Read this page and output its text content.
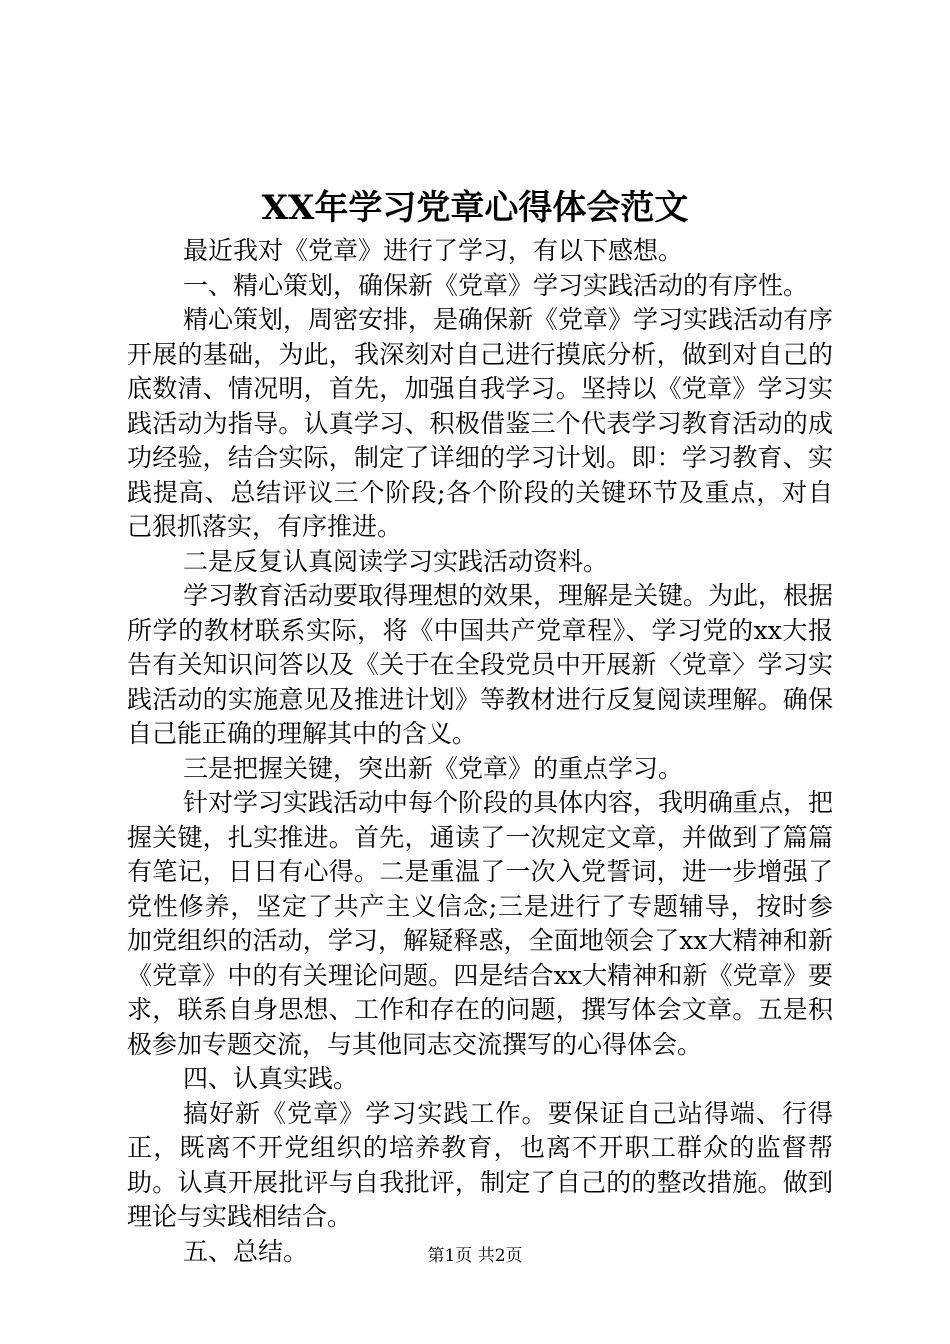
XX年学习党章心得体会范文

最近我对《党章》进行了学习，有以下感想。

一、精心策划，确保新《党章》学习实践活动的有序性。

精心策划，周密安排，是确保新《党章》学习实践活动有序开展的基础，为此，我深刻对自己进行摸底分析，做到对自己的底数清、情况明，首先，加强自我学习。坚持以《党章》学习实践活动为指导。认真学习、积极借鉴三个代表学习教育活动的成功经验，结合实际，制定了详细的学习计划。即：学习教育、实践提高、总结评议三个阶段;各个阶段的关键环节及重点，对自己狠抓落实，有序推进。

二是反复认真阅读学习实践活动资料。

学习教育活动要取得理想的效果，理解是关键。为此，根据所学的教材联系实际，将《中国共产党章程》、学习党的xx大报告有关知识问答以及《关于在全段党员中开展新〈党章〉学习实践活动的实施意见及推进计划》等教材进行反复阅读理解。确保自己能正确的理解其中的含义。

三是把握关键，突出新《党章》的重点学习。

针对学习实践活动中每个阶段的具体内容，我明确重点，把握关键，扎实推进。首先，通读了一次规定文章，并做到了篇篇有笔记，日日有心得。二是重温了一次入党誓词，进一步增强了党性修养，坚定了共产主义信念;三是进行了专题辅导，按时参加党组织的活动，学习，解疑释惑，全面地领会了xx大精神和新《党章》中的有关理论问题。四是结合xx大精神和新《党章》要求，联系自身思想、工作和存在的问题，撰写体会文章。五是积极参加专题交流，与其他同志交流撰写的心得体会。

四、认真实践。

搞好新《党章》学习实践工作。要保证自己站得端、行得正，既离不开党组织的培养教育，也离不开职工群众的监督帮助。认真开展批评与自我批评，制定了自己的的整改措施。做到理论与实践相结合。

五、总结。	第1页 共2页
